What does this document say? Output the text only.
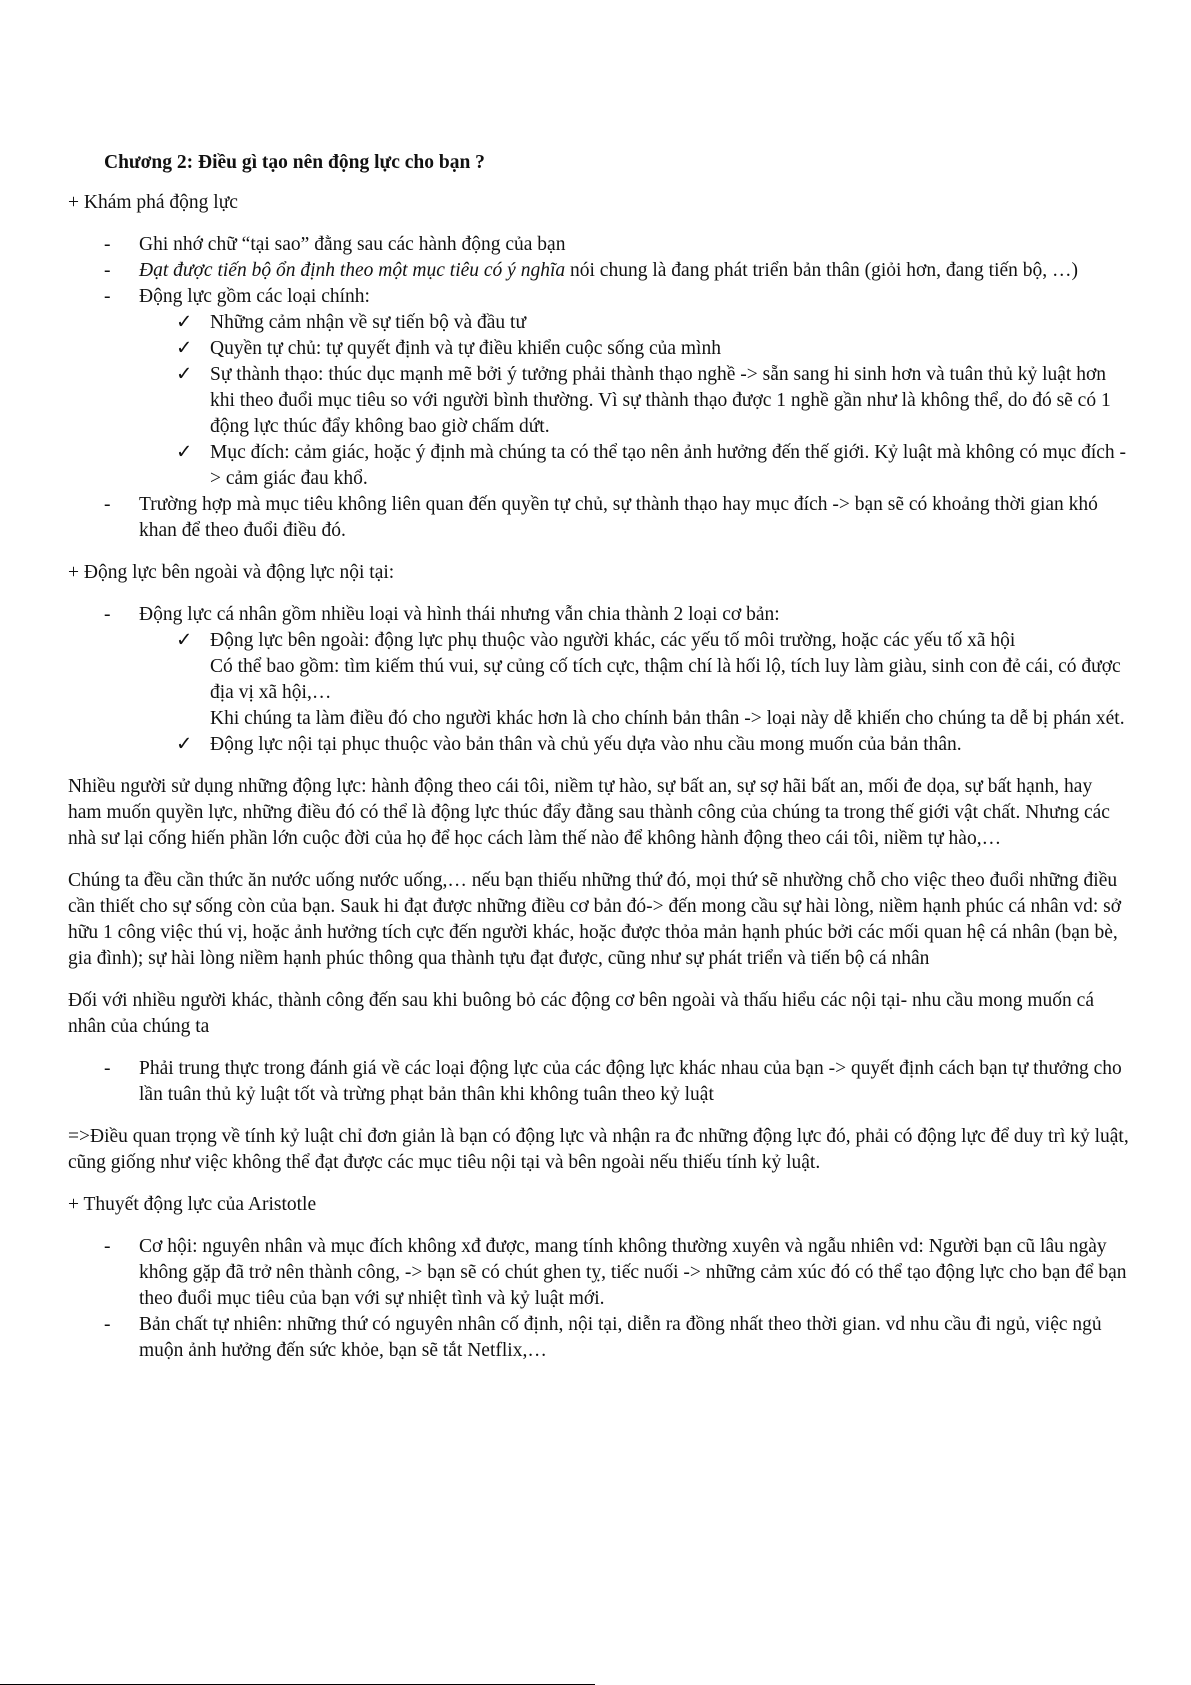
Chương 2: Điều gì tạo nên động lực cho bạn ?

+ Khám phá động lực

- Ghi nhớ chữ “tại sao” đằng sau các hành động của bạn
- Đạt được tiến bộ ổn định theo một mục tiêu có ý nghĩa nói chung là đang phát triển bản thân (giỏi hơn, đang tiến bộ, …)
- Động lực gồm các loại chính:
✓ Những cảm nhận về sự tiến bộ và đầu tư
✓ Quyền tự chủ: tự quyết định và tự điều khiển cuộc sống của mình
✓ Sự thành thạo: thúc dục mạnh mẽ bởi ý tưởng phải thành thạo nghề -> sẵn sang hi sinh hơn và tuân thủ kỷ luật hơn khi theo đuổi mục tiêu so với người bình thường. Vì sự thành thạo được 1 nghề gần như là không thể, do đó sẽ có 1 động lực thúc đẩy không bao giờ chấm dứt.
✓ Mục đích: cảm giác, hoặc ý định mà chúng ta có thể tạo nên ảnh hưởng đến thế giới. Kỷ luật mà không có mục đích -> cảm giác đau khổ.
- Trường hợp mà mục tiêu không liên quan đến quyền tự chủ, sự thành thạo hay mục đích -> bạn sẽ có khoảng thời gian khó khan để theo đuổi điều đó.

+ Động lực bên ngoài và động lực nội tại:

- Động lực cá nhân gồm nhiều loại và hình thái nhưng vẫn chia thành 2 loại cơ bản:
✓ Động lực bên ngoài: động lực phụ thuộc vào người khác, các yếu tố môi trường, hoặc các yếu tố xã hội
Có thể bao gồm: tìm kiếm thú vui, sự củng cố tích cực, thậm chí là hối lộ, tích luy làm giàu, sinh con đẻ cái, có được địa vị xã hội,…
Khi chúng ta làm điều đó cho người khác hơn là cho chính bản thân -> loại này dễ khiến cho chúng ta dễ bị phán xét.
✓ Động lực nội tại phục thuộc vào bản thân và chủ yếu dựa vào nhu cầu mong muốn của bản thân.

Nhiều người sử dụng những động lực: hành động theo cái tôi, niềm tự hào, sự bất an, sự sợ hãi bất an, mối đe dọa, sự bất hạnh, hay ham muốn quyền lực, những điều đó có thể là động lực thúc đẩy đằng sau thành công của chúng ta trong thế giới vật chất. Nhưng các nhà sư lại cống hiến phần lớn cuộc đời của họ để học cách làm thế nào để không hành động theo cái tôi, niềm tự hào,…

Chúng ta đều cần thức ăn nước uống nước uống,… nếu bạn thiếu những thứ đó, mọi thứ sẽ nhường chỗ cho việc theo đuổi những điều cần thiết cho sự sống còn của bạn. Sauk hi đạt được những điều cơ bản đó-> đến mong cầu sự hài lòng, niềm hạnh phúc cá nhân vd: sở hữu 1 công việc thú vị, hoặc ảnh hưởng tích cực đến người khác, hoặc được thỏa mản hạnh phúc bởi các mối quan hệ cá nhân (bạn bè, gia đình); sự hài lòng niềm hạnh phúc thông qua thành tựu đạt được, cũng như sự phát triển và tiến bộ cá nhân

Đối với nhiều người khác, thành công đến sau khi buông bỏ các động cơ bên ngoài và thấu hiểu các nội tại- nhu cầu mong muốn cá nhân của chúng ta

- Phải trung thực trong đánh giá về các loại động lực của các động lực khác nhau của bạn -> quyết định cách bạn tự thưởng cho lần tuân thủ kỷ luật tốt và trừng phạt bản thân khi không tuân theo kỷ luật

=>Điều quan trọng về tính kỷ luật chỉ đơn giản là bạn có động lực và nhận ra đc những động lực đó, phải có động lực để duy trì kỷ luật, cũng giống như việc không thể đạt được các mục tiêu nội tại và bên ngoài nếu thiếu tính kỷ luật.

+ Thuyết động lực của Aristotle

- Cơ hội: nguyên nhân và mục đích không xđ được, mang tính không thường xuyên và ngẫu nhiên vd: Người bạn cũ lâu ngày không gặp đã trở nên thành công, -> bạn sẽ có chút ghen tỵ, tiếc nuối -> những cảm xúc đó có thể tạo động lực cho bạn để bạn theo đuổi mục tiêu của bạn với sự nhiệt tình và kỷ luật mới.
- Bản chất tự nhiên: những thứ có nguyên nhân cố định, nội tại, diễn ra đồng nhất theo thời gian. vd nhu cầu đi ngủ, việc ngủ muộn ảnh hưởng đến sức khỏe, bạn sẽ tắt Netflix,…
